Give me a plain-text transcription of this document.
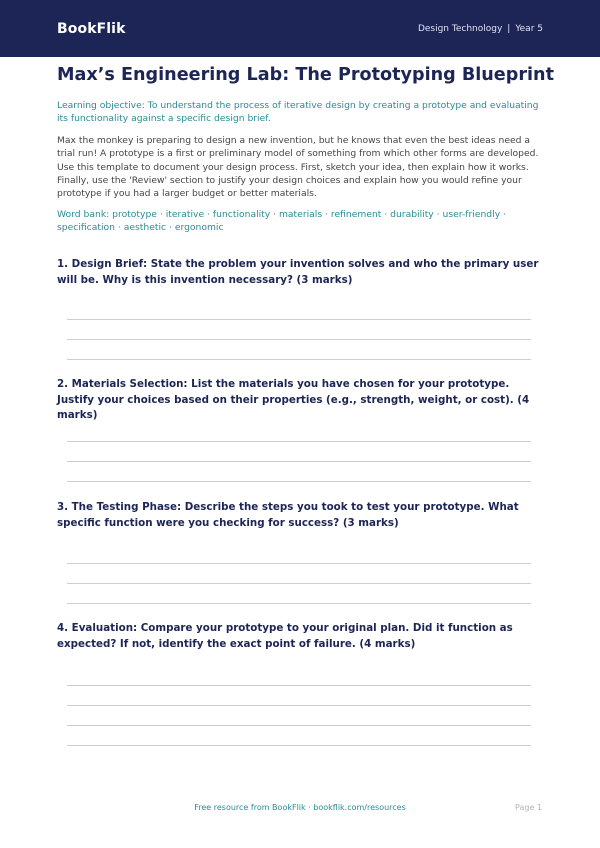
BookFlik	Design Technology | Year 5
Max’s Engineering Lab: The Prototyping Blueprint
Learning objective: To understand the process of iterative design by creating a prototype and evaluating its functionality against a specific design brief.
Max the monkey is preparing to design a new invention, but he knows that even the best ideas need a trial run! A prototype is a first or preliminary model of something from which other forms are developed. Use this template to document your design process. First, sketch your idea, then explain how it works. Finally, use the 'Review' section to justify your design choices and explain how you would refine your prototype if you had a larger budget or better materials.
Word bank: prototype · iterative · functionality · materials · refinement · durability · user-friendly · specification · aesthetic · ergonomic
1. Design Brief: State the problem your invention solves and who the primary user will be. Why is this invention necessary? (3 marks)
2. Materials Selection: List the materials you have chosen for your prototype. Justify your choices based on their properties (e.g., strength, weight, or cost). (4 marks)
3. The Testing Phase: Describe the steps you took to test your prototype. What specific function were you checking for success? (3 marks)
4. Evaluation: Compare your prototype to your original plan. Did it function as expected? If not, identify the exact point of failure. (4 marks)
Free resource from BookFlik · bookflik.com/resources	Page 1
